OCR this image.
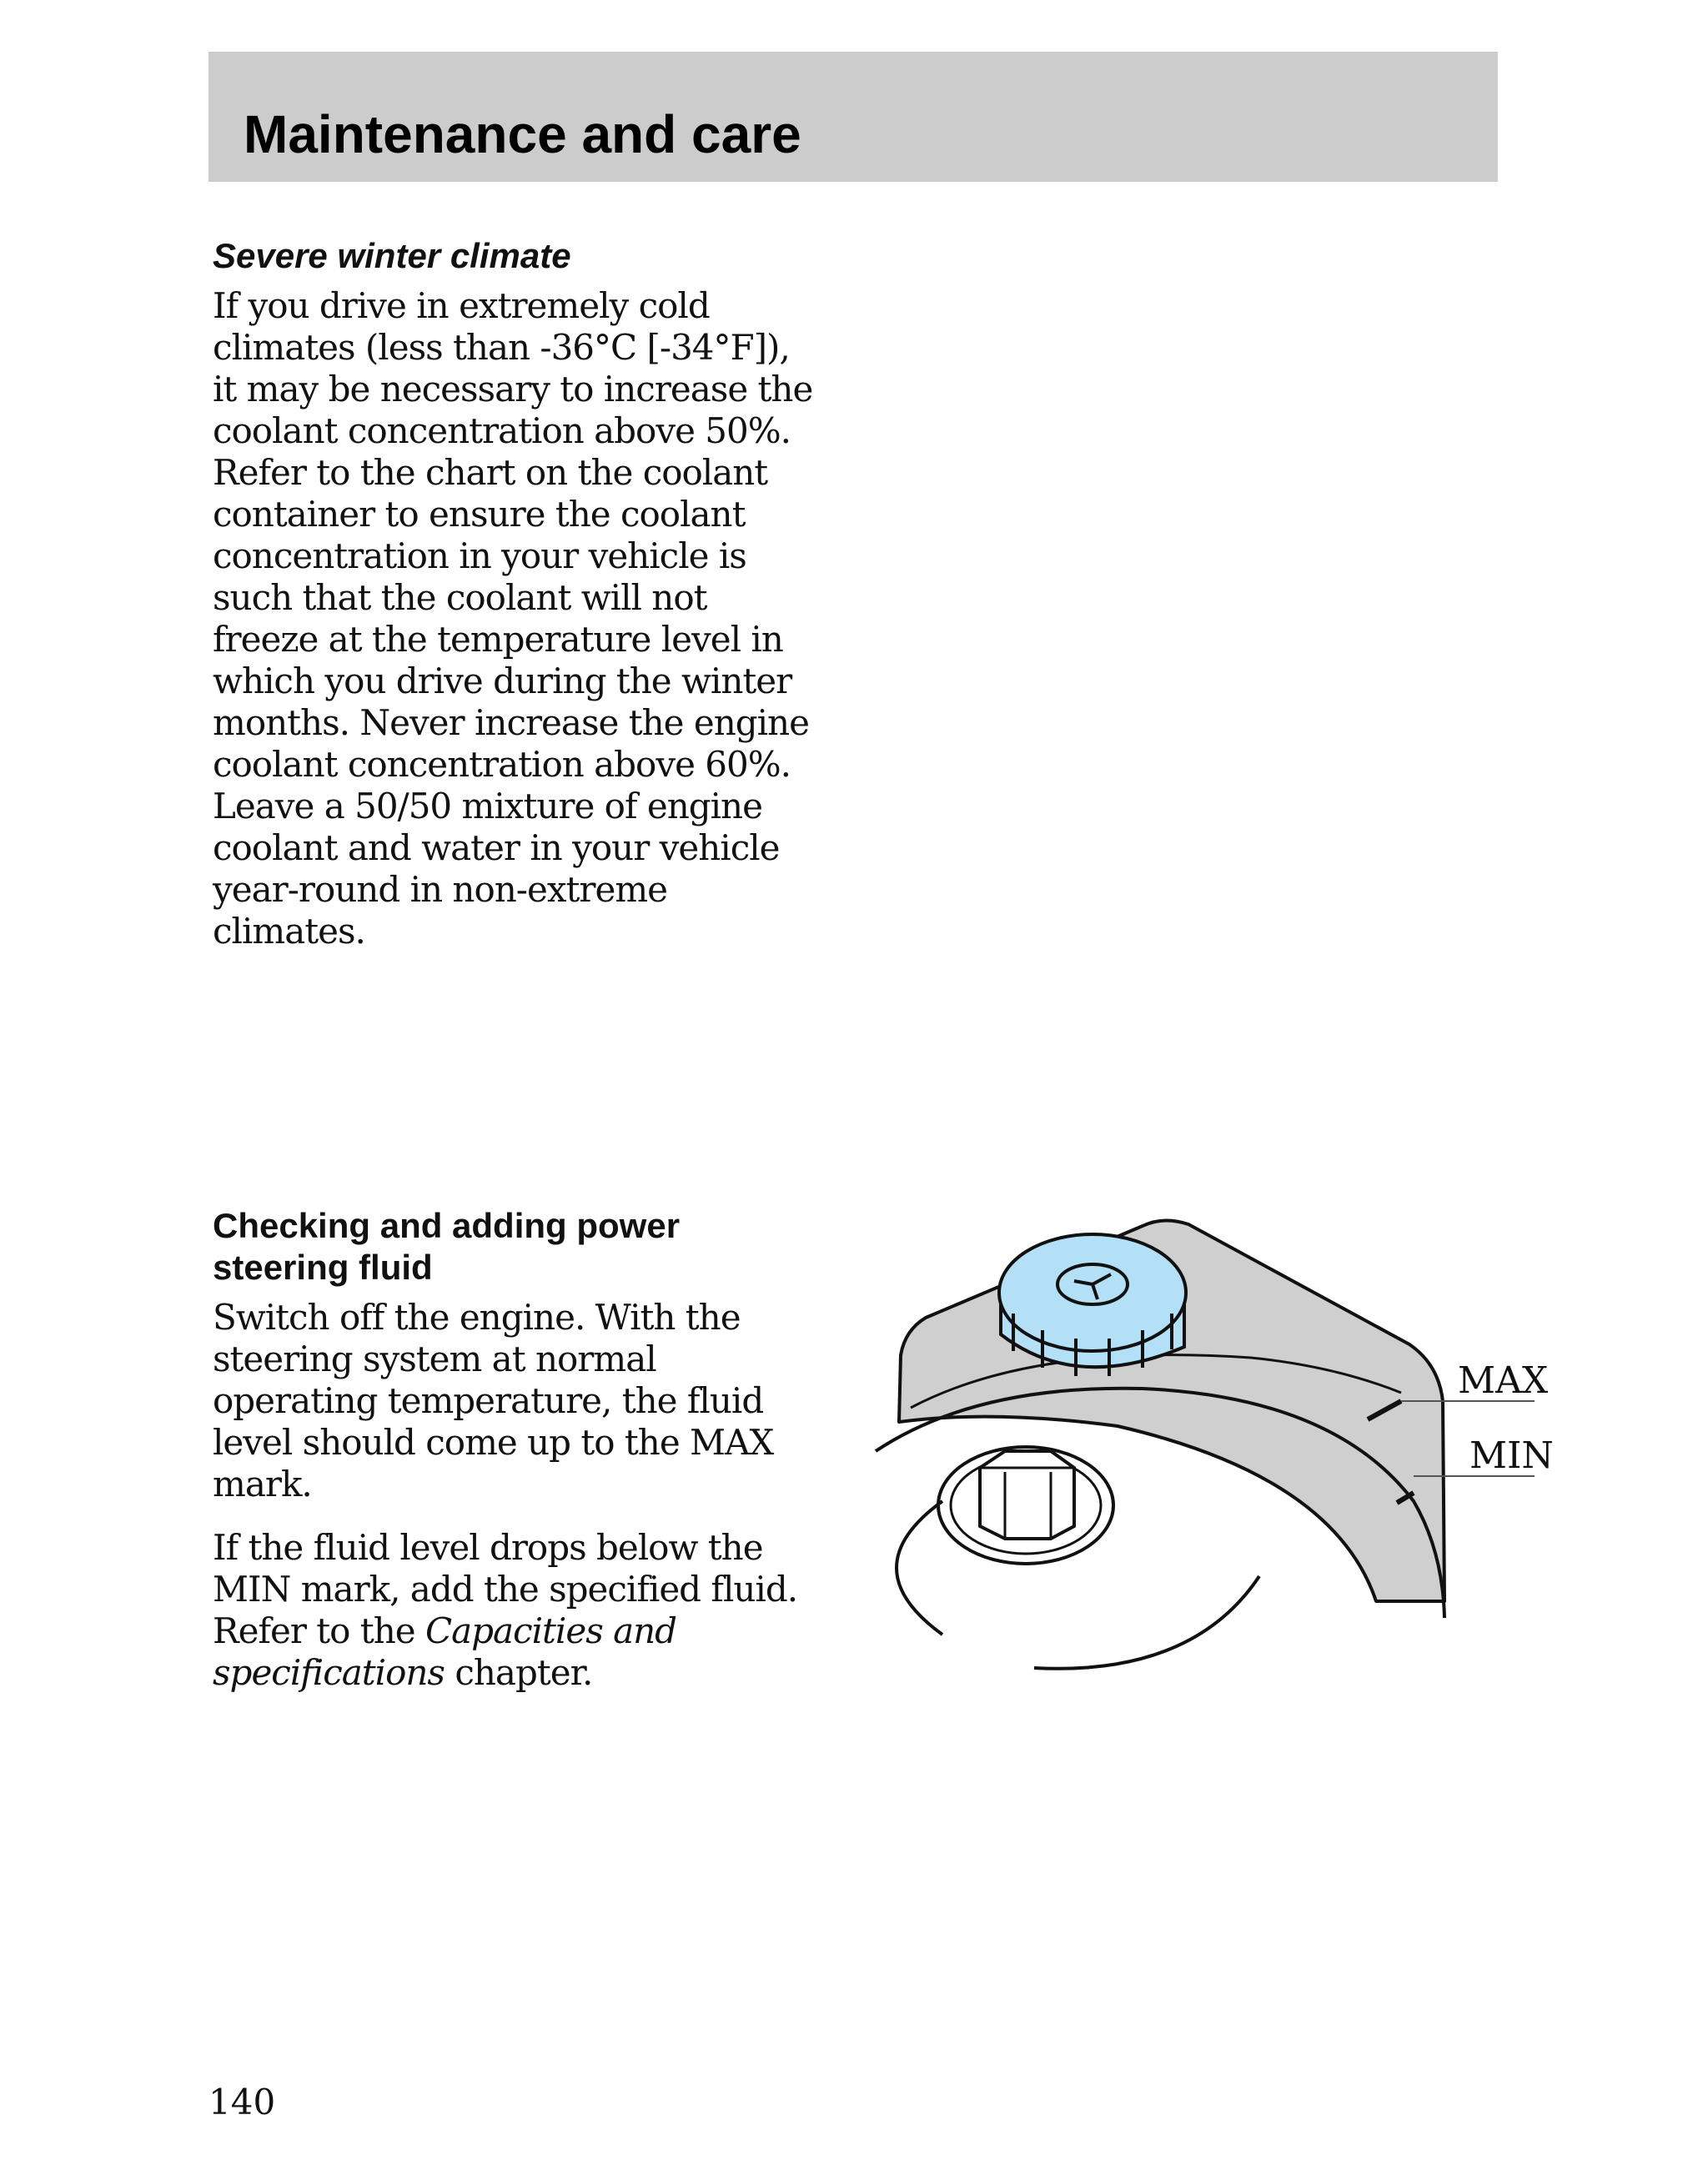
Maintenance and care
Severe winter climate

If you drive in extremely cold
climates (less than -36°C [-34°F]),
it may be necessary to increase the
coolant concentration above 50%.
Refer to the chart on the coolant
container to ensure the coolant
concentration in your vehicle is
such that the coolant will not
freeze at the temperature level in
which you drive during the winter
months. Never increase the engine
coolant concentration above 60%.
Leave a 50/50 mixture of engine
coolant and water in your vehicle
year-round in non-extreme
climates.

Checking and adding power
steering fluid

Switch off the engine. With the
steering system at normal
operating temperature, the fluid
level should come up to the MAX
mark.

If the fluid level drops below the
MIN mark, add the specified fluid.
Refer to the Capacities and
specifications chapter.

MAX
MIN
140
